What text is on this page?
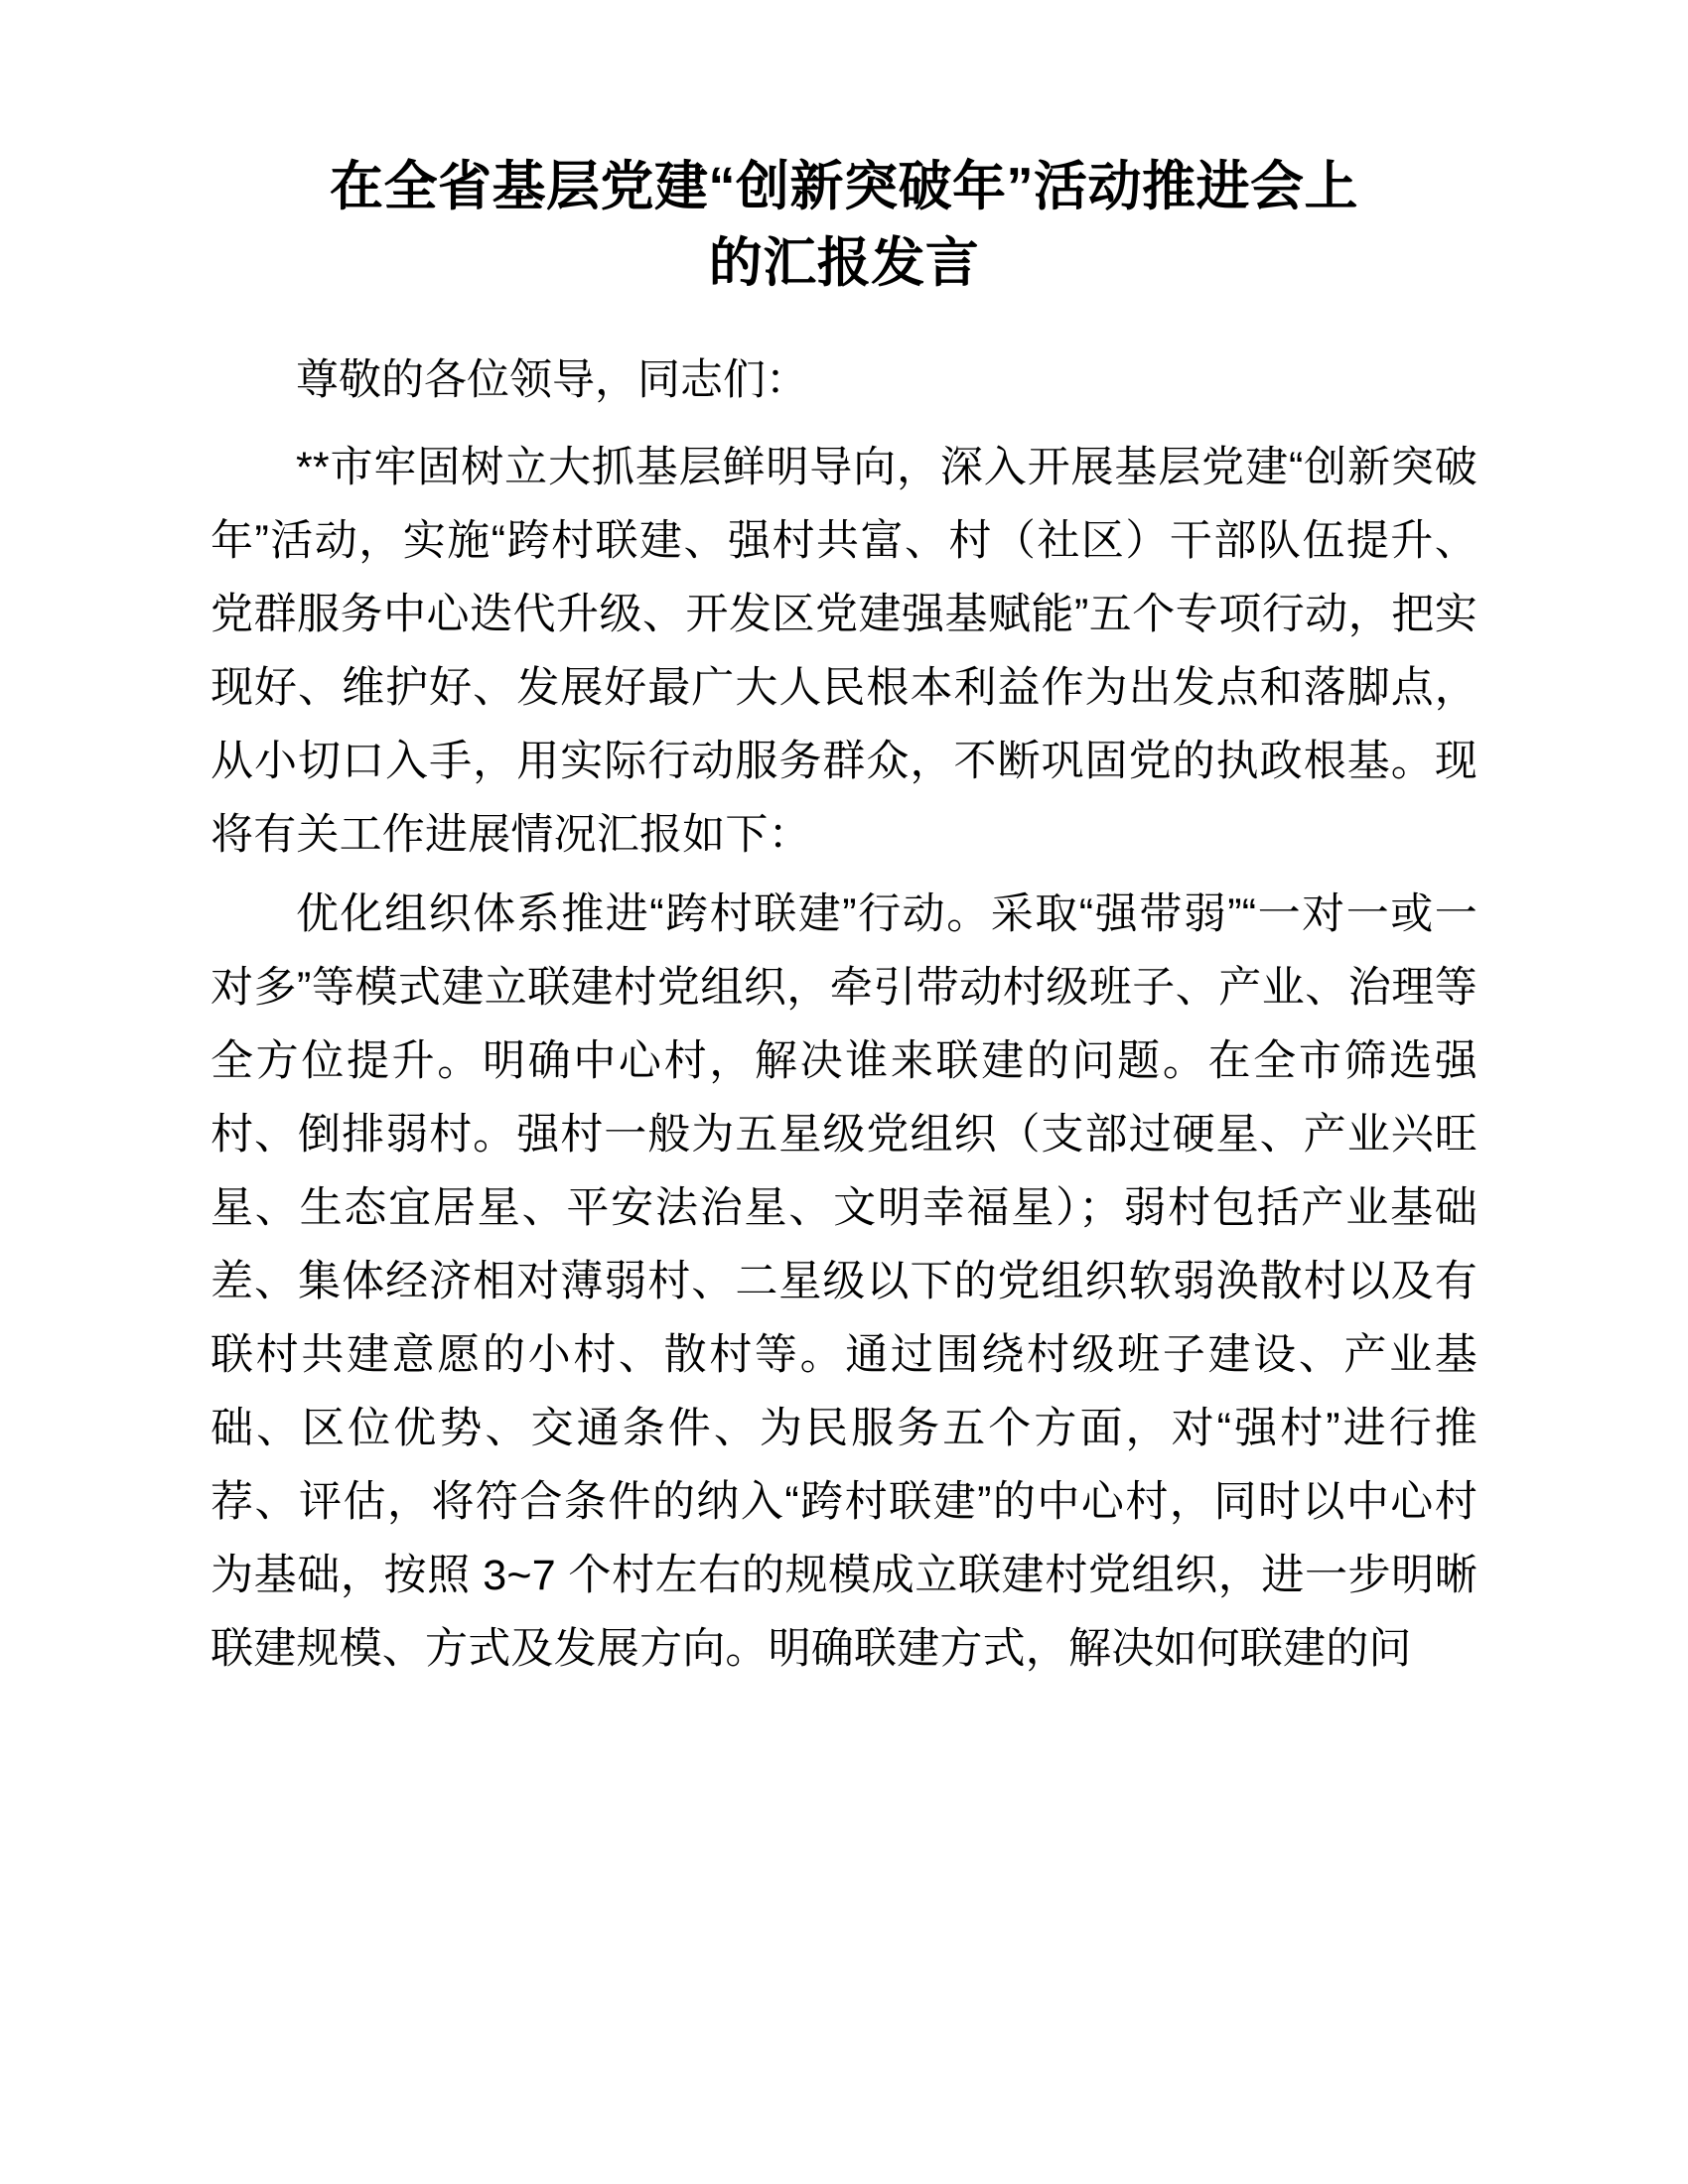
在全省基层党建“创新突破年”活动推进会上
的汇报发言

尊敬的各位领导，同志们：

**市牢固树立大抓基层鲜明导向，深入开展基层党建“创新突破年”活动，实施“跨村联建、强村共富、村（社区）干部队伍提升、党群服务中心迭代升级、开发区党建强基赋能”五个专项行动，把实现好、维护好、发展好最广大人民根本利益作为出发点和落脚点，从小切口入手，用实际行动服务群众，不断巩固党的执政根基。现将有关工作进展情况汇报如下：

优化组织体系推进“跨村联建”行动。采取“强带弱”“一对一或一对多”等模式建立联建村党组织，牵引带动村级班子、产业、治理等全方位提升。明确中心村，解决谁来联建的问题。在全市筛选强村、倒排弱村。强村一般为五星级党组织（支部过硬星、产业兴旺星、生态宜居星、平安法治星、文明幸福星）；弱村包括产业基础差、集体经济相对薄弱村、二星级以下的党组织软弱涣散村以及有联村共建意愿的小村、散村等。通过围绕村级班子建设、产业基础、区位优势、交通条件、为民服务五个方面，对“强村”进行推荐、评估，将符合条件的纳入“跨村联建”的中心村，同时以中心村为基础，按照 3~7 个村左右的规模成立联建村党组织，进一步明晰联建规模、方式及发展方向。明确联建方式，解决如何联建的问
